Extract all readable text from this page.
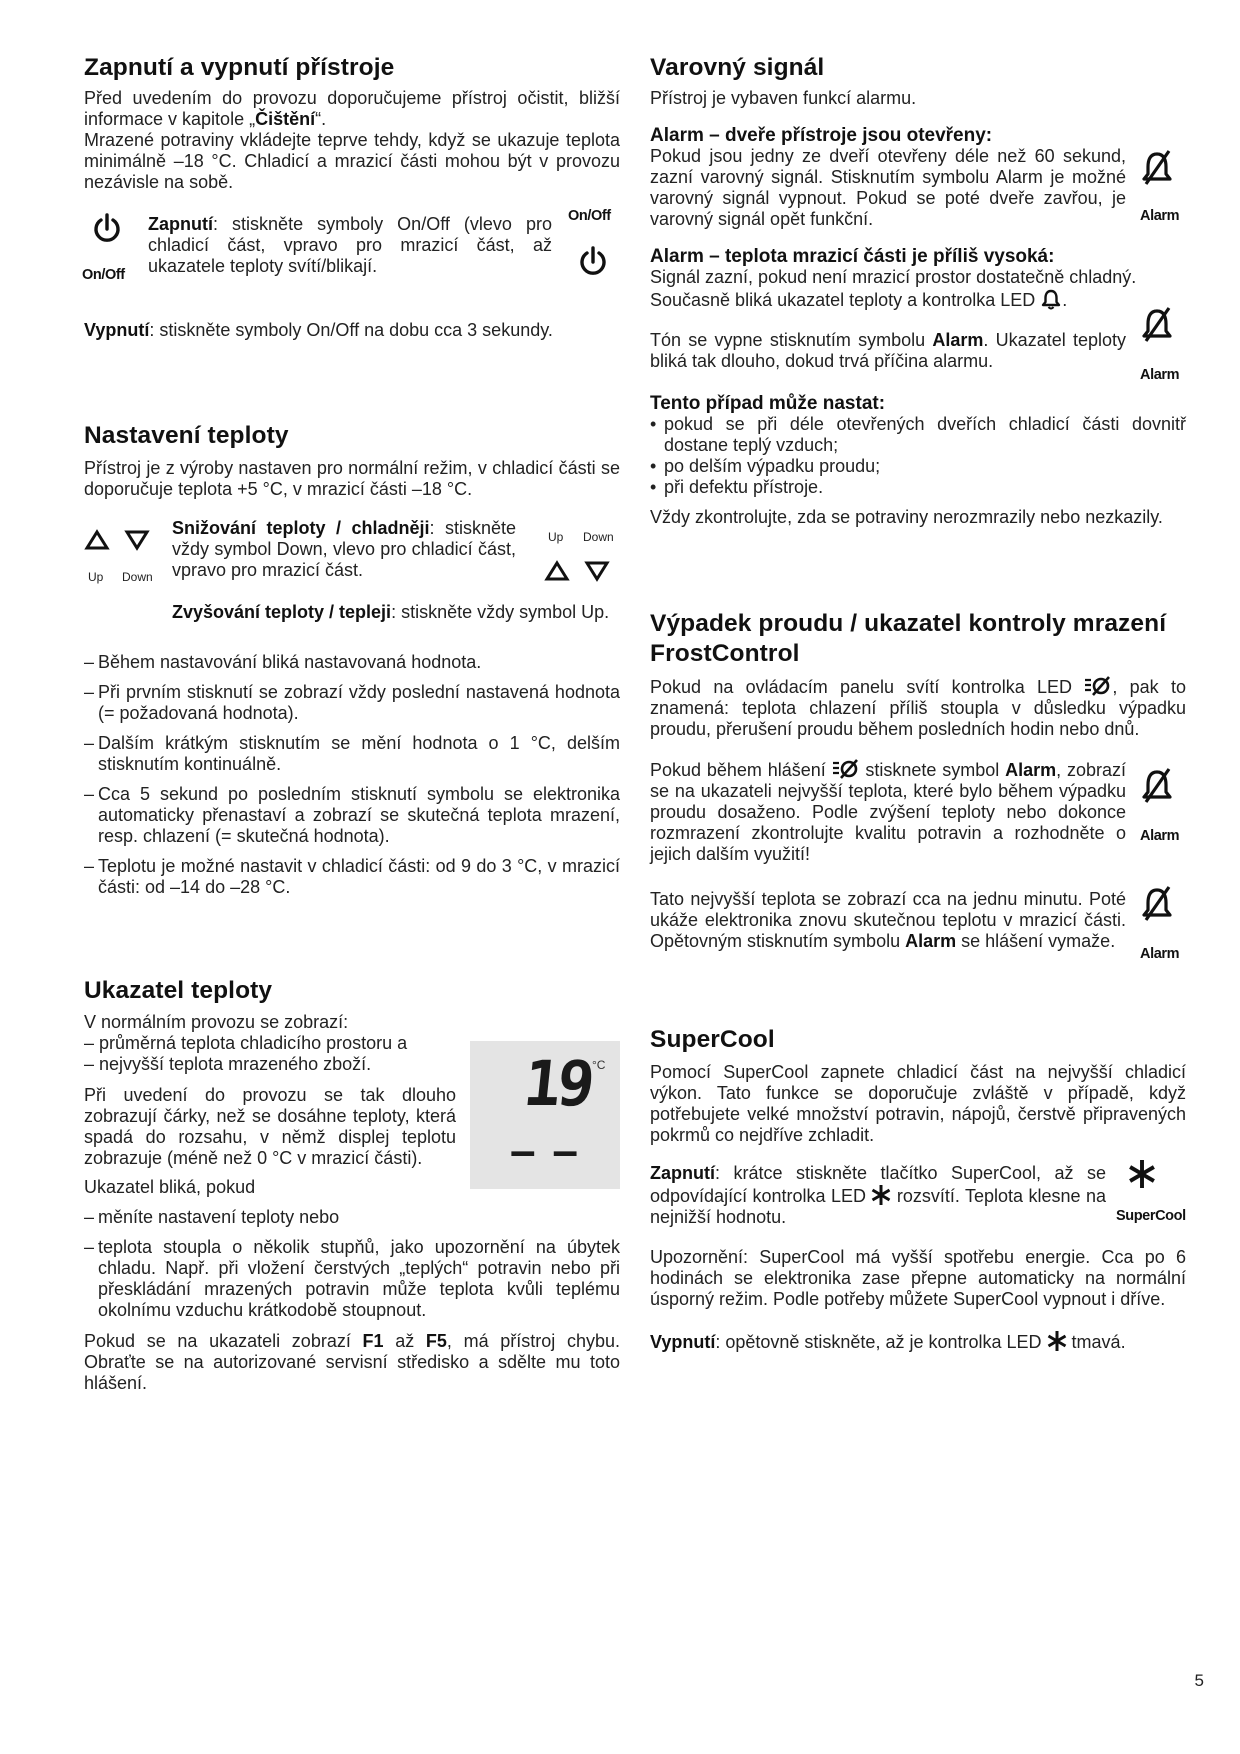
Zapnutí a vypnutí přístroje

Před uvedením do provozu doporučujeme přístroj očistit, bližší informace v kapitole „Čištění“.

Mrazené potraviny vkládejte teprve tehdy, když se ukazuje teplota minimálně –18 °C. Chladicí a mrazicí části mohou být v provozu nezávisle na sobě.

On/Off

Zapnutí: stiskněte symboly On/Off (vlevo pro chladicí část, vpravo pro mrazicí část, až ukazatele teploty svítí/blikají.

On/Off

Vypnutí: stiskněte symboly On/Off na dobu cca 3 sekundy.

Nastavení teploty

Přístroj je z výroby nastaven pro normální režim, v chladicí části se doporučuje teplota +5 °C, v mrazicí části –18 °C.

Up Down

Snižování teploty / chladněji: stiskněte vždy symbol Down, vlevo pro chladicí část, vpravo pro mrazicí část.

Up Down

Zvyšování teploty / tepleji: stiskněte vždy symbol Up.

– Během nastavování bliká nastavovaná hodnota.
– Při prvním stisknutí se zobrazí vždy poslední nastavená hodnota (= požadovaná hodnota).
– Dalším krátkým stisknutím se mění hodnota o 1 °C, delším stisknutím kontinuálně.
– Cca 5 sekund po posledním stisknutí symbolu se elektronika automaticky přenastaví a zobrazí se skutečná teplota mrazení, resp. chlazení (= skutečná hodnota).
– Teplotu je možné nastavit v chladicí části: od 9 do 3 °C, v mrazicí části: od –14 do –28 °C.
Ukazatel teploty

V normálním provozu se zobrazí:

– průměrná teplota chladicího prostoru a

– nejvyšší teplota mrazeného zboží.

Při uvedení do provozu se tak dlouho zobrazují čárky, než se dosáhne teploty, která spadá do rozsahu, v němž displej teplotu zobrazuje (méně než 0 °C v mrazicí části).

Ukazatel bliká, pokud

– měníte nastavení teploty nebo
– teplota stoupla o několik stupňů, jako upozornění na úbytek chladu. Např. při vložení čerstvých „teplých“ potravin nebo při přeskládání mrazených potravin může teplota kvůli teplému okolnímu vzduchu krátkodobě stoupnout.

Pokud se na ukazateli zobrazí F1 až F5, má přístroj chybu. Obraťte se na autorizované servisní středisko a sdělte mu toto hlášení.

19
°C
– –
Varovný signál

Přístroj je vybaven funkcí alarmu.

Alarm – dveře přístroje jsou otevřeny:

Pokud jsou jedny ze dveří otevřeny déle než 60 sekund, zazní varovný signál. Stisknutím symbolu Alarm je možné varovný signál vypnout. Pokud se poté dveře zavřou, je varovný signál opět funkční.	Alarm
Alarm – teplota mrazicí části je příliš vysoká:

Signál zazní, pokud není mrazicí prostor dostatečně chladný. Současně bliká ukazatel teploty a kontrolka LED .

Tón se vypne stisknutím symbolu Alarm. Ukazatel teploty bliká tak dlouho, dokud trvá příčina alarmu.

Alarm
Tento případ může nastat:
• pokud se při déle otevřených dveřích chladicí části dovnitř dostane teplý vzduch;
• po delším výpadku proudu;
• při defektu přístroje.

Vždy zkontrolujte, zda se potraviny nerozmrazily nebo nezkazily.

Výpadek proudu / ukazatel kontroly mrazení FrostControl

Pokud na ovládacím panelu svítí kontrolka LED , pak to znamená: teplota chlazení příliš stoupla v důsledku výpadku proudu, přerušení proudu během posledních hodin nebo dnů.

Pokud během hlášení  stisknete symbol Alarm, zobrazí se na ukazateli nejvyšší teplota, které bylo během výpadku proudu dosaženo. Podle zvýšení teploty nebo dokonce rozmrazení zkontrolujte kvalitu potravin a rozhodněte o jejich dalším využití!

Alarm

Tato nejvyšší teplota se zobrazí cca na jednu minutu. Poté ukáže elektronika znovu skutečnou teplotu v mrazicí části. Opětovným stisknutím symbolu Alarm se hlášení vymaže.

Alarm
SuperCool

Pomocí SuperCool zapnete chladicí část na nejvyšší chladicí výkon. Tato funkce se doporučuje zvláště v případě, když potřebujete velké množství potravin, nápojů, čerstvě připravených pokrmů co nejdříve zchladit.

Zapnutí: krátce stiskněte tlačítko SuperCool, až se odpovídající kontrolka LED  rozsvítí. Teplota klesne na nejnižší hodnotu.	SuperCool

Upozornění: SuperCool má vyšší spotřebu energie. Cca po 6 hodinách se elektronika zase přepne automaticky na normální úsporný režim. Podle potřeby můžete SuperCool vypnout i dříve.

Vypnutí: opětovně stiskněte, až je kontrolka LED  tmavá.

5
